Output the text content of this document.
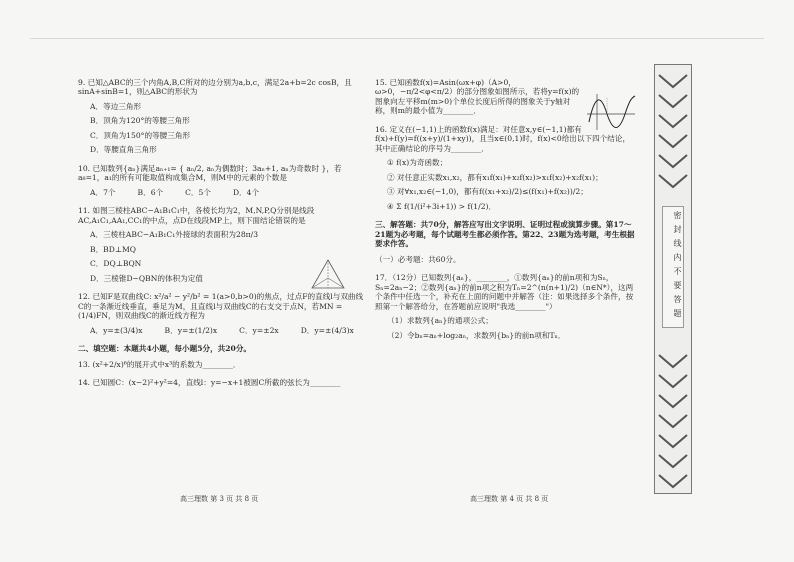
9. 已知△ABC的三个内角A,B,C所对的边分别为a,b,c，满足2a+b=2c cosB，且sinA+sinB=1，则△ABC的形状为
A．等边三角形
B．顶角为120°的等腰三角形
C．顶角为150°的等腰三角形
D．等腰直角三角形
10. 已知数列{aₙ}满足aₙ₊₁= { aₙ/2, aₙ为偶数时；3aₙ+1, aₙ为奇数时 }，若a₈=1，a₁的所有可能取值构成集合M，则M中的元素的个数是
A．7个	B．6个	C．5个	D．4个
11. 如图三棱柱ABC−A₁B₁C₁中，各棱长均为2，M,N,P,Q分别是线段AC,A₁C₁,AA₁,CC₁的中点，点D在线段MP上，则下面结论错误的是
A．三棱柱ABC−A₁B₁C₁外接球的表面积为28π/3
B．BD⊥MQ
C．DQ⊥BQN
D．三棱锥D−QBN的体积为定值
12. 已知F是双曲线C: x²/a² − y²/b² = 1(a>0,b>0)的焦点，过点F的直线l与双曲线C的一条渐近线垂直，垂足为M，且直线l与双曲线C的右支交于点N，若MN = (1/4)FN，则双曲线C的渐近线方程为
A．y=±(3/4)x	B．y=±(1/2)x	C．y=±2x	D．y=±(4/3)x
二、填空题：本题共4小题，每小题5分，共20分。
13. (x²+2/x)⁶的展开式中x³的系数为________．
14. 已知圆C：(x−2)²+y²=4，直线l：y=−x+1被圆C所截的弦长为________
高三理数 第 3 页 共 8 页
15. 已知函数f(x)=Asin(ωx+φ)（A>0，ω>0，−π/2<φ<π/2）的部分图象如图所示，若将y=f(x)的图象向左平移m(m>0)个单位长度后所得的图象关于y轴对称，则m的最小值为________．
16. 定义在(−1,1)上的函数f(x)满足：对任意x,y∈(−1,1)都有f(x)+f(y)=f((x+y)/(1+xy))，且当x∈(0,1)时，f(x)<0给出以下四个结论，其中正确结论的序号为________．
① f(x)为奇函数；
② 对任意正实数x₁,x₂，都有x₁f(x₁)+x₂f(x₂)>x₁f(x₂)+x₂f(x₁)；
③ 对∀x₁,x₂∈(−1,0)，都有f((x₁+x₂)/2)≤(f(x₁)+f(x₂))/2；
④ Σ f(1/(i²+3i+1)) > f(1/2)．
三、解答题：共70分，解答应写出文字说明、证明过程或演算步骤。第17～21题为必考题，每个试题考生都必须作答。第22、23题为选考题，考生根据要求作答。
（一）必考题：共60分。
17．（12分）已知数列{aₙ}，________，①数列{aₙ}的前n项和为Sₙ，Sₙ=2aₙ−2；②数列{aₙ}的前n项之积为Tₙ=2^(n(n+1)/2)（n∈N*），这两个条件中任选一个，补充在上面的问题中并解答（注：如果选择多个条件，按照第一个解答给分，在答题前应说明"我选________"）
（1）求数列{aₙ}的通项公式；
（2）令bₙ=aₙ+log₂aₙ，求数列{bₙ}的前n项和Tₙ．
高三理数 第 4 页 共 8 页
密封线内不要答题
